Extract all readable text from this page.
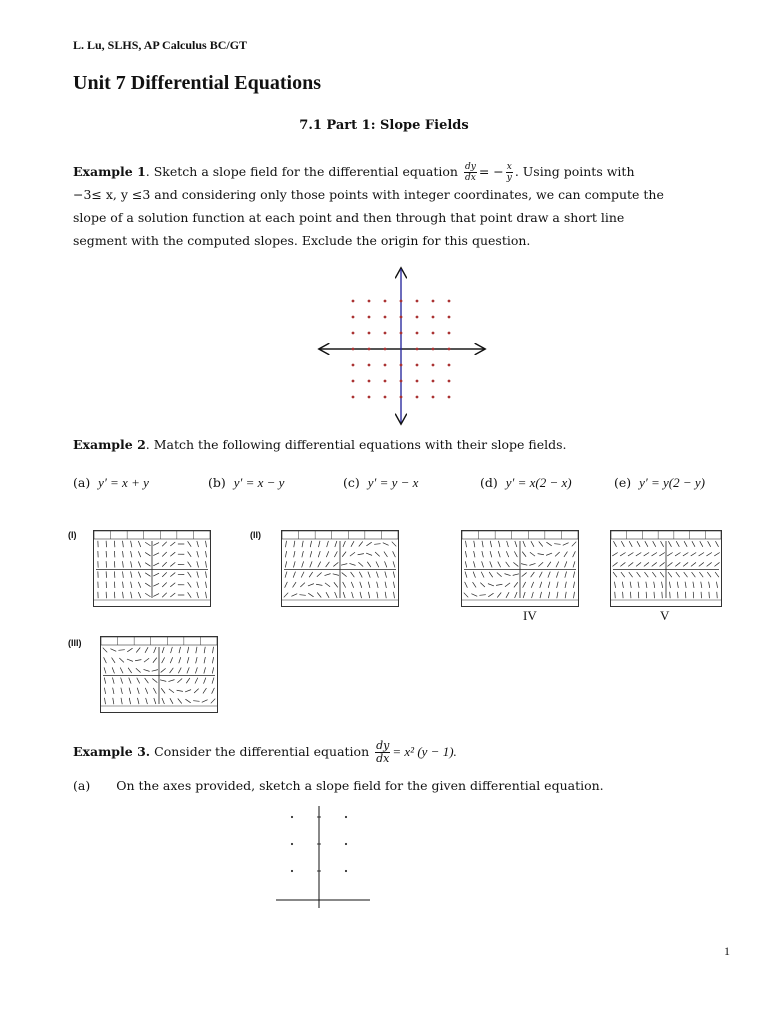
L. Lu, SLHS, AP Calculus BC/GT
Unit 7 Differential Equations
7.1 Part 1: Slope Fields
Example 1. Sketch a slope field for the differential equation $\frac{dy}{dx}$ = − $\frac{x}{y}$ . Using points with
−3≤ x, y ≤3 and considering only those points with integer coordinates, we can compute the
slope of a solution function at each point and then through that point draw a short line
segment with the computed slopes. Exclude the origin for this question.
Example 2. Match the following differential equations with their slope fields.
(a) y′ = x + y	(b) y′ = x − y	(c) y′ = y − x	(d) y′ = x(2 − x)	(e) y′ = y(2 − y)
(I)	(II)
(III)
IV	V
Example 3. Consider the differential equation $\frac{dy}{dx} = x^2$ (y − 1).
(a) On the axes provided, sketch a slope field for the given differential equation.
1
